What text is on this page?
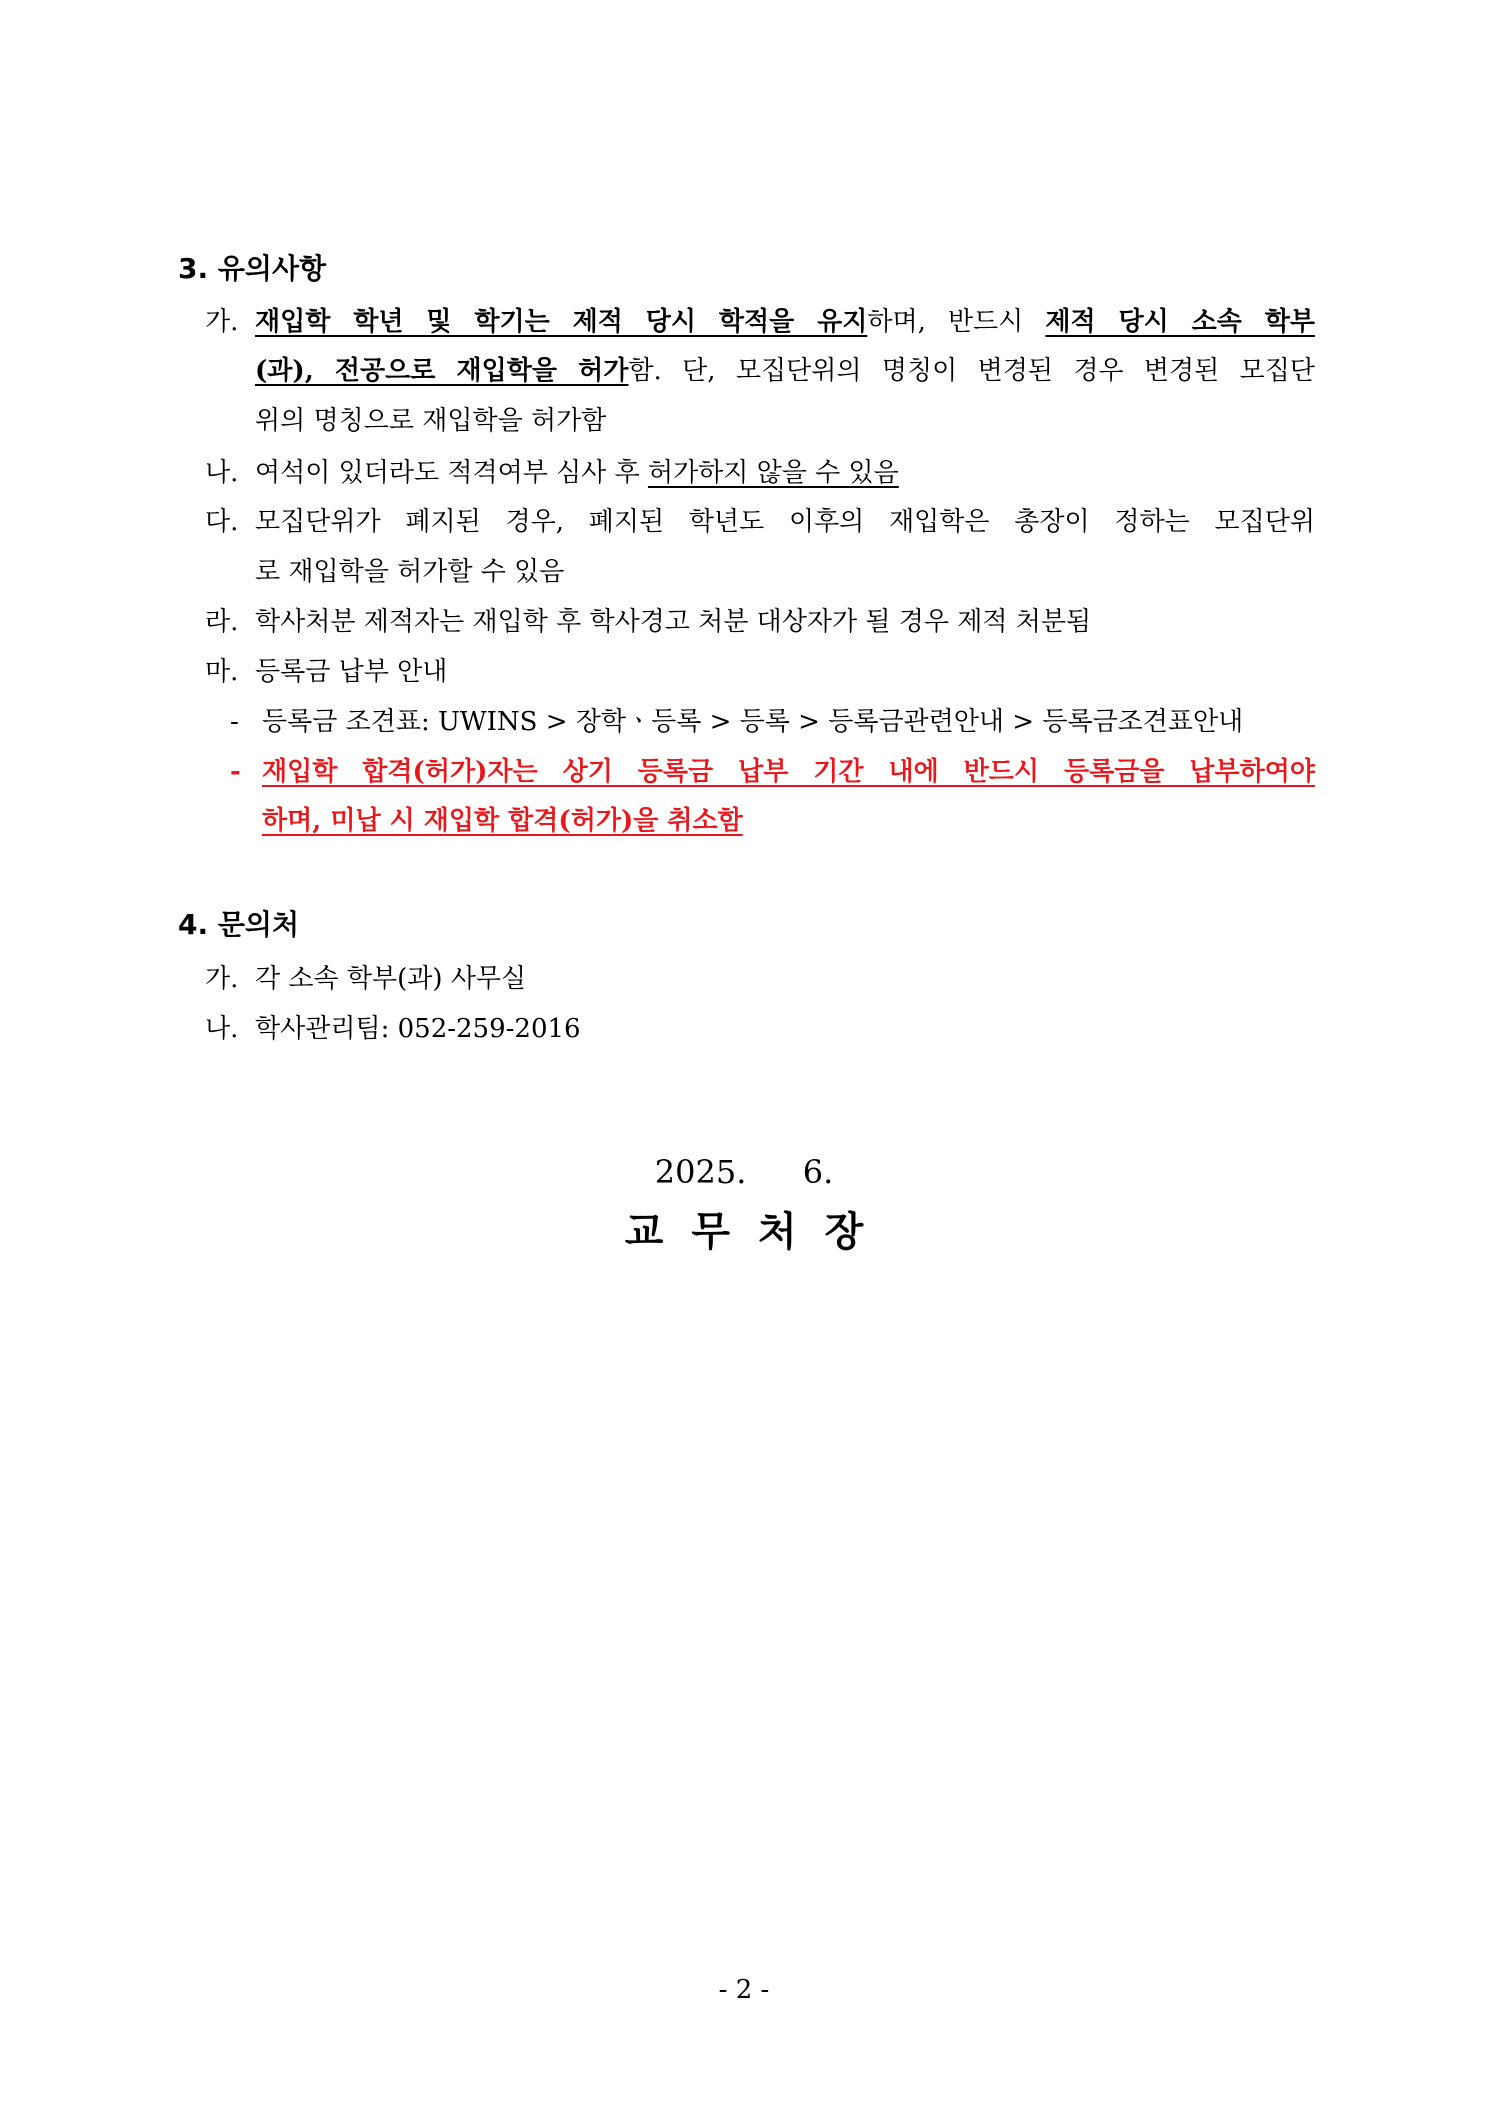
3. 유의사항
가. 재입학 학년 및 학기는 제적 당시 학적을 유지하며, 반드시 제적 당시 소속 학부
(과), 전공으로 재입학을 허가함. 단, 모집단위의 명칭이 변경된 경우 변경된 모집단
위의 명칭으로 재입학을 허가함
나. 여석이 있더라도 적격여부 심사 후 허가하지 않을 수 있음
다. 모집단위가 폐지된 경우, 폐지된 학년도 이후의 재입학은 총장이 정하는 모집단위
로 재입학을 허가할 수 있음
라. 학사처분 제적자는 재입학 후 학사경고 처분 대상자가 될 경우 제적 처분됨
마. 등록금 납부 안내
- 등록금 조견표: UWINS > 장학ㆍ등록 > 등록 > 등록금관련안내 > 등록금조견표안내
- 재입학 합격(허가)자는 상기 등록금 납부 기간 내에 반드시 등록금을 납부하여야
하며, 미납 시 재입학 합격(허가)을 취소함
4. 문의처
가. 각 소속 학부(과) 사무실
나. 학사관리팀: 052-259-2016
2025.  6.
교무처장
- 2 -
